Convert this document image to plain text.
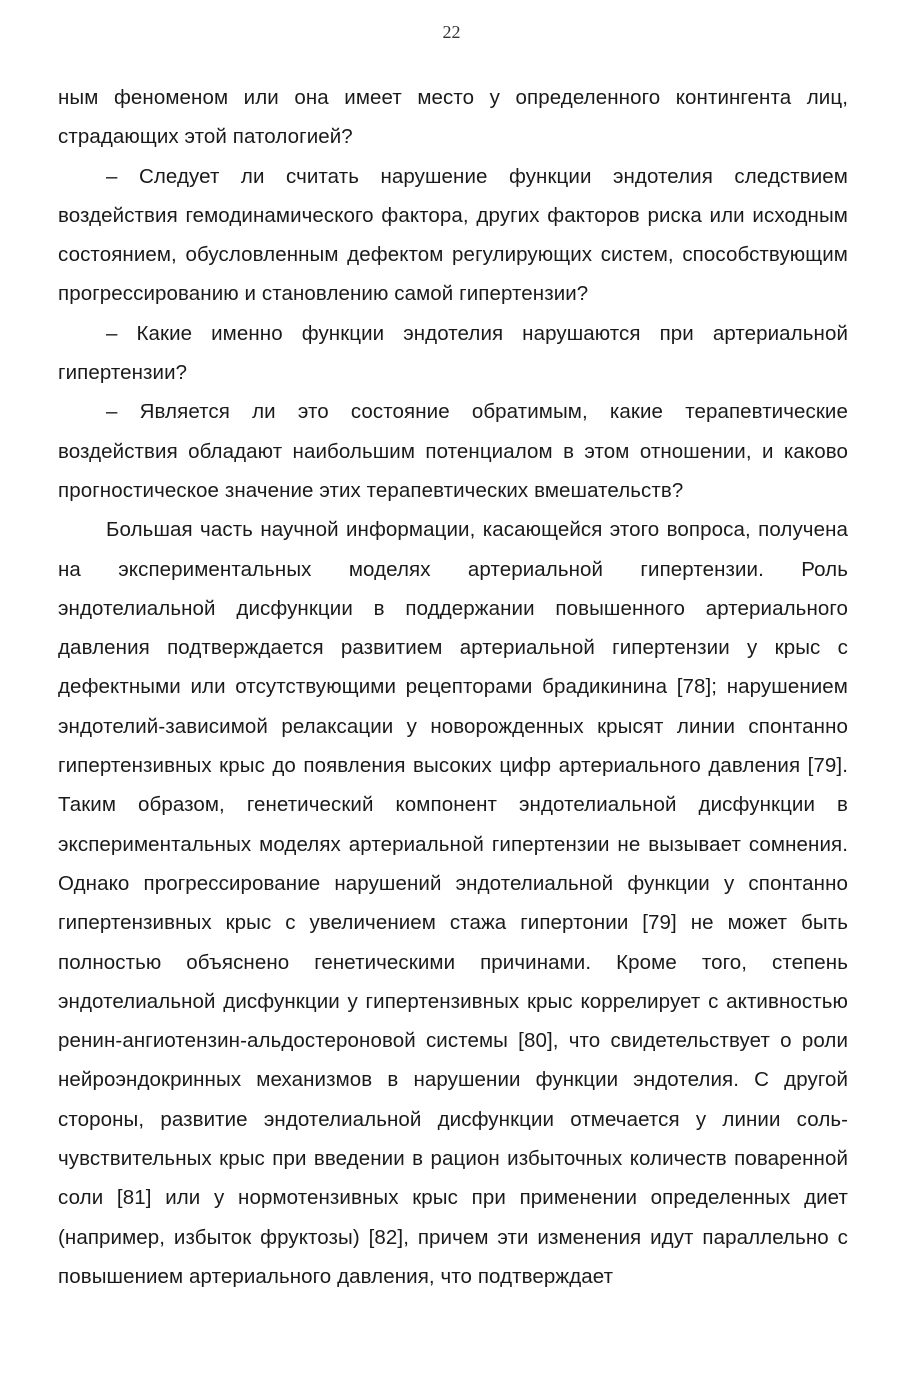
22

ным феноменом или она имеет место у определенного контингента лиц, страдающих этой патологией?

– Следует ли считать нарушение функции эндотелия следствием воздействия гемодинамического фактора, других факторов риска или исходным состоянием, обусловленным дефектом регулирующих систем, способствующим прогрессированию и становлению самой гипертензии?

– Какие именно функции эндотелия нарушаются при артериальной гипертензии?

– Является ли это состояние обратимым, какие терапевтические воздействия обладают наибольшим потенциалом в этом отношении, и каково прогностическое значение этих терапевтических вмешательств?

Большая часть научной информации, касающейся этого вопроса, получена на экспериментальных моделях артериальной гипертензии. Роль эндотелиальной дисфункции в поддержании повышенного артериального давления подтверждается развитием артериальной гипертензии у крыс с дефектными или отсутствующими рецепторами брадикинина [78]; нарушением эндотелий-зависимой релаксации у новорожденных крысят линии спонтанно гипертензивных крыс до появления высоких цифр артериального давления [79]. Таким образом, генетический компонент эндотелиальной дисфункции в экспериментальных моделях артериальной гипертензии не вызывает сомнения. Однако прогрессирование нарушений эндотелиальной функции у спонтанно гипертензивных крыс с увеличением стажа гипертонии [79] не может быть полностью объяснено генетическими причинами. Кроме того, степень эндотелиальной дисфункции у гипертензивных крыс коррелирует с активностью ренин-ангиотензин-альдостероновой системы [80], что свидетельствует о роли нейроэндокринных механизмов в нарушении функции эндотелия. С другой стороны, развитие эндотелиальной дисфункции отмечается у линии сольчувствительных крыс при введении в рацион избыточных количеств поваренной соли [81] или у нормотензивных крыс при применении определенных диет (например, избыток фруктозы) [82], причем эти изменения идут параллельно с повышением артериального давления, что подтверждает
